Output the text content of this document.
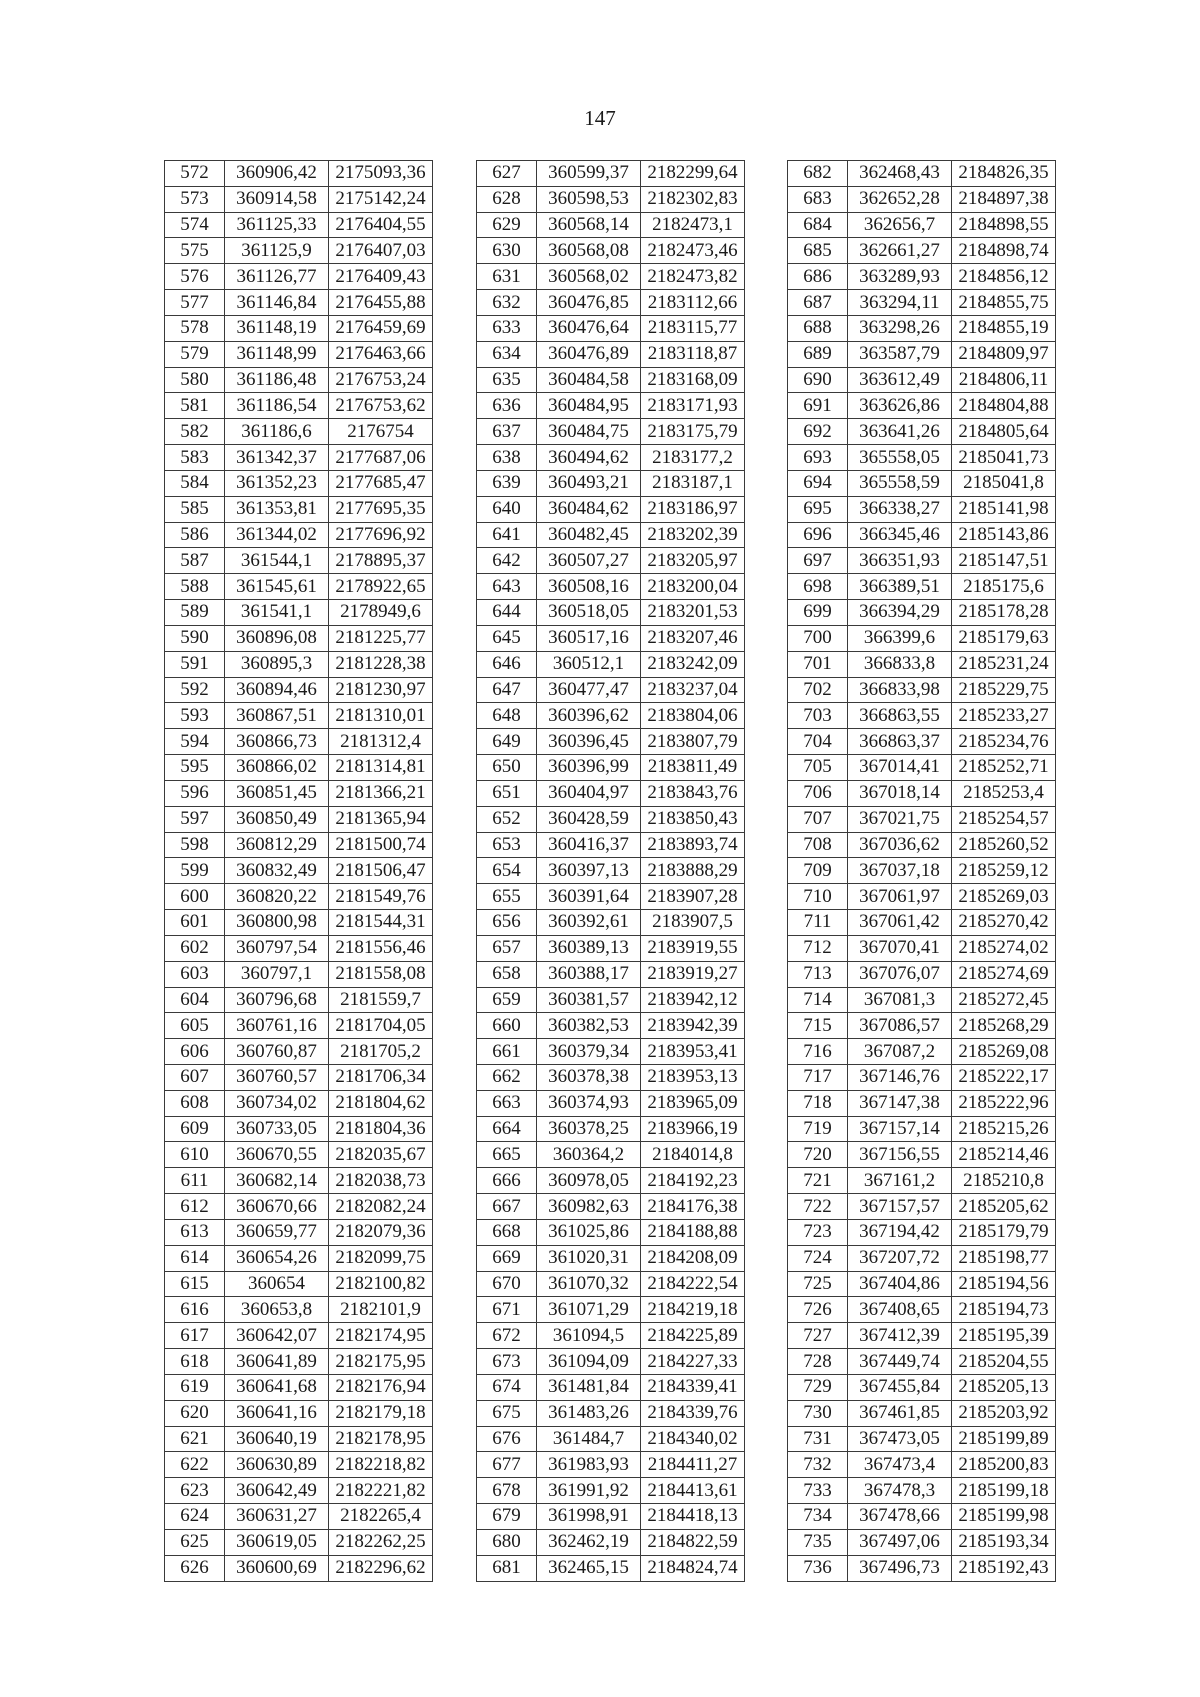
147
572	360906,42	2175093,36
573	360914,58	2175142,24
574	361125,33	2176404,55
575	361125,9	2176407,03
576	361126,77	2176409,43
577	361146,84	2176455,88
578	361148,19	2176459,69
579	361148,99	2176463,66
580	361186,48	2176753,24
581	361186,54	2176753,62
582	361186,6	2176754
583	361342,37	2177687,06
584	361352,23	2177685,47
585	361353,81	2177695,35
586	361344,02	2177696,92
587	361544,1	2178895,37
588	361545,61	2178922,65
589	361541,1	2178949,6
590	360896,08	2181225,77
591	360895,3	2181228,38
592	360894,46	2181230,97
593	360867,51	2181310,01
594	360866,73	2181312,4
595	360866,02	2181314,81
596	360851,45	2181366,21
597	360850,49	2181365,94
598	360812,29	2181500,74
599	360832,49	2181506,47
600	360820,22	2181549,76
601	360800,98	2181544,31
602	360797,54	2181556,46
603	360797,1	2181558,08
604	360796,68	2181559,7
605	360761,16	2181704,05
606	360760,87	2181705,2
607	360760,57	2181706,34
608	360734,02	2181804,62
609	360733,05	2181804,36
610	360670,55	2182035,67
611	360682,14	2182038,73
612	360670,66	2182082,24
613	360659,77	2182079,36
614	360654,26	2182099,75
615	360654	2182100,82
616	360653,8	2182101,9
617	360642,07	2182174,95
618	360641,89	2182175,95
619	360641,68	2182176,94
620	360641,16	2182179,18
621	360640,19	2182178,95
622	360630,89	2182218,82
623	360642,49	2182221,82
624	360631,27	2182265,4
625	360619,05	2182262,25
626	360600,69	2182296,62
627	360599,37	2182299,64
628	360598,53	2182302,83
629	360568,14	2182473,1
630	360568,08	2182473,46
631	360568,02	2182473,82
632	360476,85	2183112,66
633	360476,64	2183115,77
634	360476,89	2183118,87
635	360484,58	2183168,09
636	360484,95	2183171,93
637	360484,75	2183175,79
638	360494,62	2183177,2
639	360493,21	2183187,1
640	360484,62	2183186,97
641	360482,45	2183202,39
642	360507,27	2183205,97
643	360508,16	2183200,04
644	360518,05	2183201,53
645	360517,16	2183207,46
646	360512,1	2183242,09
647	360477,47	2183237,04
648	360396,62	2183804,06
649	360396,45	2183807,79
650	360396,99	2183811,49
651	360404,97	2183843,76
652	360428,59	2183850,43
653	360416,37	2183893,74
654	360397,13	2183888,29
655	360391,64	2183907,28
656	360392,61	2183907,5
657	360389,13	2183919,55
658	360388,17	2183919,27
659	360381,57	2183942,12
660	360382,53	2183942,39
661	360379,34	2183953,41
662	360378,38	2183953,13
663	360374,93	2183965,09
664	360378,25	2183966,19
665	360364,2	2184014,8
666	360978,05	2184192,23
667	360982,63	2184176,38
668	361025,86	2184188,88
669	361020,31	2184208,09
670	361070,32	2184222,54
671	361071,29	2184219,18
672	361094,5	2184225,89
673	361094,09	2184227,33
674	361481,84	2184339,41
675	361483,26	2184339,76
676	361484,7	2184340,02
677	361983,93	2184411,27
678	361991,92	2184413,61
679	361998,91	2184418,13
680	362462,19	2184822,59
681	362465,15	2184824,74
682	362468,43	2184826,35
683	362652,28	2184897,38
684	362656,7	2184898,55
685	362661,27	2184898,74
686	363289,93	2184856,12
687	363294,11	2184855,75
688	363298,26	2184855,19
689	363587,79	2184809,97
690	363612,49	2184806,11
691	363626,86	2184804,88
692	363641,26	2184805,64
693	365558,05	2185041,73
694	365558,59	2185041,8
695	366338,27	2185141,98
696	366345,46	2185143,86
697	366351,93	2185147,51
698	366389,51	2185175,6
699	366394,29	2185178,28
700	366399,6	2185179,63
701	366833,8	2185231,24
702	366833,98	2185229,75
703	366863,55	2185233,27
704	366863,37	2185234,76
705	367014,41	2185252,71
706	367018,14	2185253,4
707	367021,75	2185254,57
708	367036,62	2185260,52
709	367037,18	2185259,12
710	367061,97	2185269,03
711	367061,42	2185270,42
712	367070,41	2185274,02
713	367076,07	2185274,69
714	367081,3	2185272,45
715	367086,57	2185268,29
716	367087,2	2185269,08
717	367146,76	2185222,17
718	367147,38	2185222,96
719	367157,14	2185215,26
720	367156,55	2185214,46
721	367161,2	2185210,8
722	367157,57	2185205,62
723	367194,42	2185179,79
724	367207,72	2185198,77
725	367404,86	2185194,56
726	367408,65	2185194,73
727	367412,39	2185195,39
728	367449,74	2185204,55
729	367455,84	2185205,13
730	367461,85	2185203,92
731	367473,05	2185199,89
732	367473,4	2185200,83
733	367478,3	2185199,18
734	367478,66	2185199,98
735	367497,06	2185193,34
736	367496,73	2185192,43
